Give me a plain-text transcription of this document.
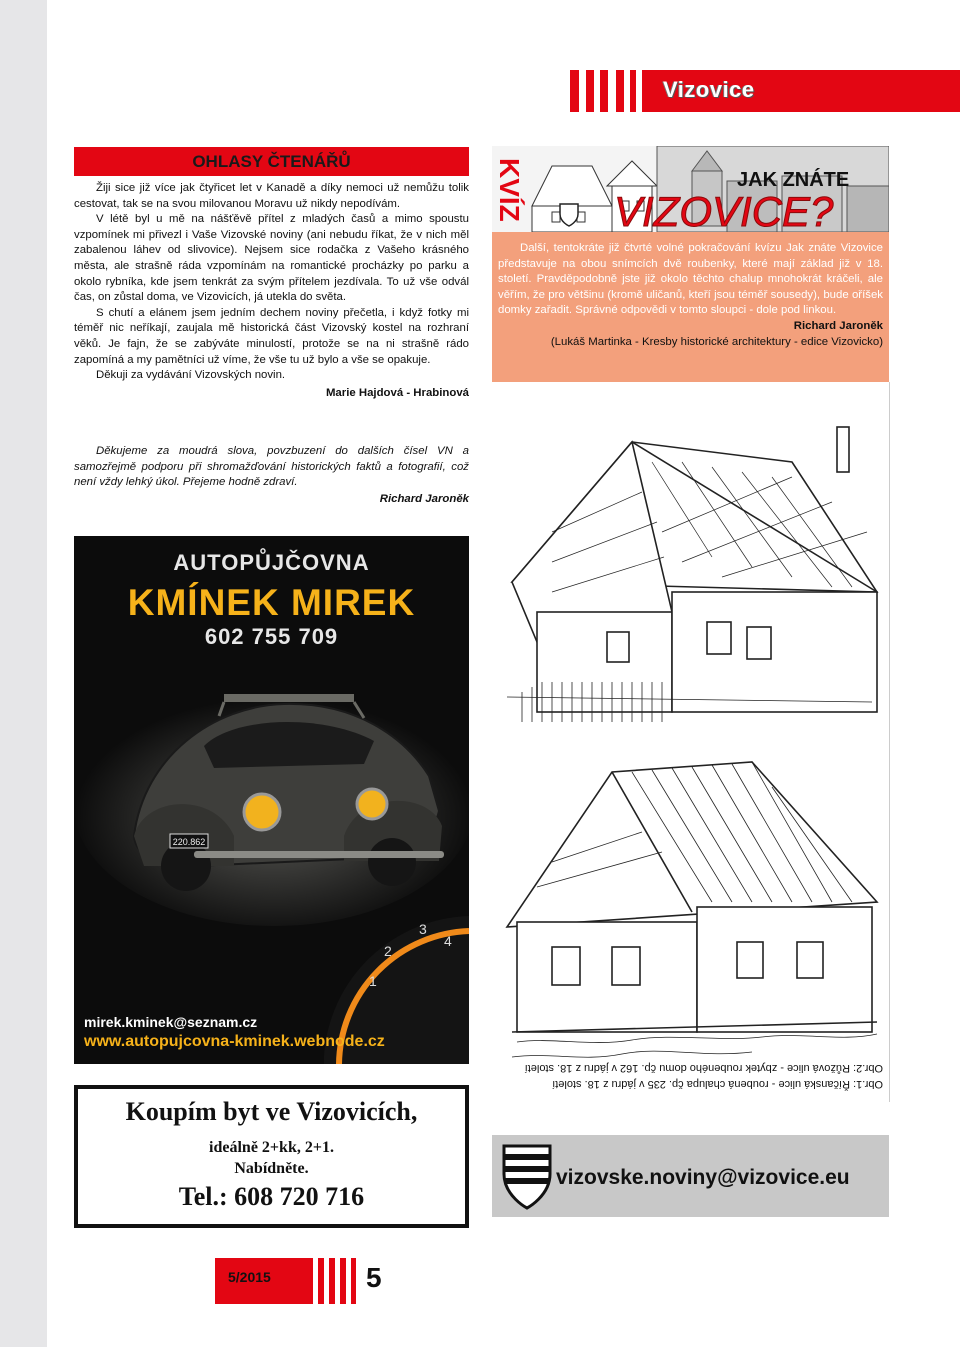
Vizovice
OHLASY ČTENÁŘŮ

Žiji sice již více jak čtyřicet let v Kanadě a díky nemoci už nemůžu tolik cestovat, tak se na svou milovanou Moravu už nikdy nepodívám.

V létě byl u mě na nášťěvě přítel z mladých časů a mimo spoustu vzpomínek mi přivezl i Vaše Vizovské noviny (ani nebudu říkat, že v nich měl zabalenou láhev od slivovice). Nejsem sice rodačka z Vašeho krásného města, ale strašně ráda vzpomínám na romantické procházky po parku a okolo rybníka, kde jsem tenkrát za svým přítelem jezdívala. To už vše odvál čas, on zůstal doma, ve Vizovicích, já utekla do světa.

S chutí a elánem jsem jedním dechem noviny přečetla, i když fotky mi téměř nic neříkají, zaujala mě historická část Vizovský kostel na rozhraní věků. Je fajn, že se zabýváte minulostí, protože se na ni strašně rádo zapomíná a my pamětníci už víme, že vše tu už bylo a vše se opakuje.

Děkuji za vydávání Vizovských novin.

Marie Hajdová - Hrabinová

Děkujeme za moudrá slova, povzbuzení do dalších čísel VN a samozřejmě podporu při shromažďování historických faktů a fotografií, což není vždy lehký úkol. Přejeme hodně zdraví.

Richard Jaroněk

AUTOPŮJČOVNA
KMÍNEK MIREK
602 755 709
220.862
3
4
2
1
mirek.kminek@seznam.cz
www.autopujcovna-kminek.webnode.cz
Koupím byt ve Vizovicích,
ideálně 2+kk, 2+1.
Nabídněte.
Tel.: 608 720 716
KVÍZ	JAK ZNÁTE
VIZOVICE?

Další, tentokráte již čtvrté volné pokračování kvízu Jak znáte Vizovice představuje na obou snímcích dvě roubenky, které mají základ již v 18. století. Pravděpodobně jste již okolo těchto chalup mnohokrát kráčeli, ale věřím, že pro většinu (kromě uličanů, kteří jsou téměř sousedy), bude oříšek domky zařadit. Správné odpovědi v tomto sloupci - dole pod linkou.

Richard Jaroněk

(Lukáš Martinka - Kresby historické architektury - edice Vizovicko)

Obr.1: Říčanská ulice - roubená chalupa čp. 235 v jádru z 18. století
Obr.2: Růžová ulice - zbytek roubeného domu čp. 162 v jádru z 18. století
vizovske.noviny@vizovice.eu
5/2015	5
